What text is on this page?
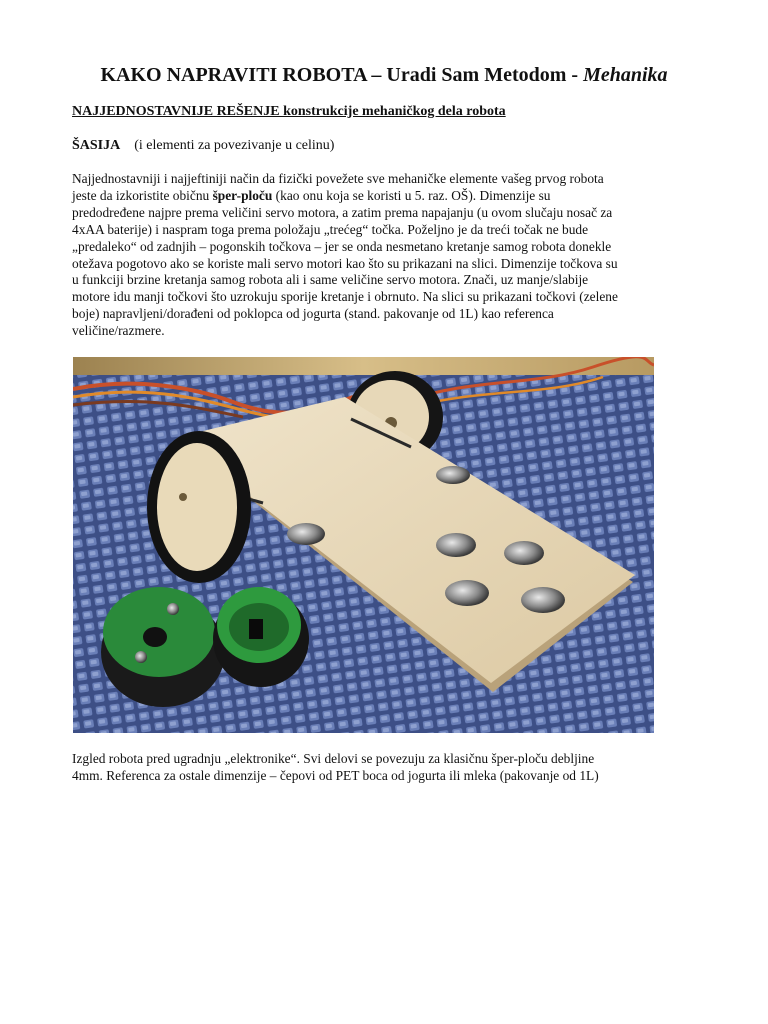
KAKO NAPRAVITI ROBOTA – Uradi Sam Metodom - Mehanika
NAJJEDNOSTAVNIJE REŠENJE konstrukcije mehaničkog dela robota
ŠASIJA (i elementi za povezivanje u celinu)
Najjednostavniji i najjeftiniji način da fizički povežete sve mehaničke elemente vašeg prvog robota
jeste da izkoristite običnu šper-ploču (kao onu koja se koristi u 5. raz. OŠ). Dimenzije su
predodređene najpre prema veličini servo motora, a zatim prema napajanju (u ovom slučaju nosač za
4xAA baterije) i naspram toga prema položaju „trećeg“ točka. Poželjno je da treći točak ne bude
„predaleko“ od zadnjih – pogonskih točkova – jer se onda nesmetano kretanje samog robota donekle
otežava pogotovo ako se koriste mali servo motori kao što su prikazani na slici. Dimenzije točkova su
u funkciji brzine kretanja samog robota ali i same veličine servo motora. Znači, uz manje/slabije
motore idu manji točkovi što uzrokuju sporije kretanje i obrnuto. Na slici su prikazani točkovi (zelene
boje) napravljeni/dorađeni od poklopca od jogurta (stand. pakovanje od 1L) kao referenca
veličine/razmere.
Izgled robota pred ugradnju „elektronike“. Svi delovi se povezuju za klasičnu šper-ploču debljine
4mm. Referenca za ostale dimenzije – čepovi od PET boca od jogurta ili mleka (pakovanje od 1L)
